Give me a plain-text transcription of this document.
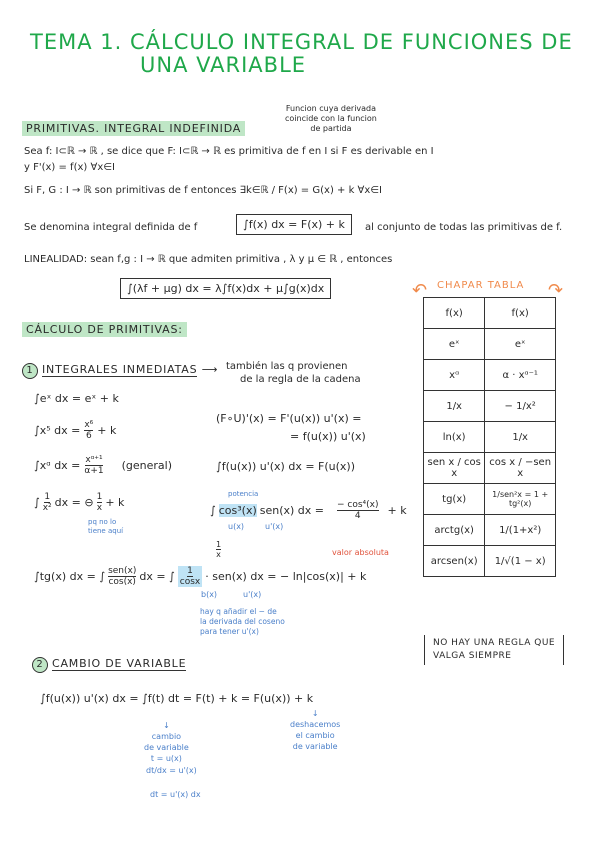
TEMA 1. CÁLCULO INTEGRAL DE FUNCIONES DE
UNA VARIABLE
Funcion cuya derivada
coincide con la funcion
de partida
PRIMITIVAS. INTEGRAL INDEFINIDA
Sea f: I⊂ℝ → ℝ , se dice que F: I⊂ℝ → ℝ es primitiva de f en I si F es derivable en I
y F'(x) = f(x) ∀x∈I
Si F, G : I → ℝ son primitivas de f entonces ∃k∈ℝ / F(x) = G(x) + k ∀x∈I
Se denomina integral definida de f	∫f(x) dx = F(x) + k	al conjunto de todas las primitivas de f.
LINEALIDAD: sean f,g : I → ℝ que admiten primitiva , λ y μ ∈ ℝ , entonces
∫(λf + μg) dx = λ∫f(x)dx + μ∫g(x)dx	↶ CHAPAR TABLA ↷
f(x)	f(x)
eˣ	eˣ
xᵅ	α · xᵅ⁻¹
1/x	− 1/x²
ln(x)	1/x
sen x / cos x	cos x / −sen x
tg(x)	1/sen²x = 1 + tg²(x)
arctg(x)	1/(1+x²)
arcsen(x)	1/√(1 − x)
CÁLCULO DE PRIMITIVAS:
1 INTEGRALES INMEDIATAS ⟶ también las q provienen
de la regla de la cadena
∫eˣ dx = eˣ + k
∫x⁵ dx = $\frac{\text{x⁶}}{6} + k$
∫xᵅ dx = $\frac{\text{xᵅ⁺¹}}{\alpha+1}$ (general)
∫ $\frac{1}{\text{x²}}$ dx = ⊖ $\frac{1}{x} + k$
pq no lo
tiene aquí
(F∘U)'(x) = F'(u(x)) u'(x) =
= f(u(x)) u'(x)
∫f(u(x)) u'(x) dx = F(u(x))
potencia
∫ cos³(x) sen(x) dx = $\frac{\text{− cos⁴(x)}}{4} + k$
u(x)	u'(x)
valor absoluta
$\frac{1}{x}$
∫tg(x) dx = ∫ sen(x)
cos(x) dx = ∫ $\frac{1}{\cos x} \cdot sen(x)$ dx = − ln|cos(x)| + k
b(x)	u'(x)
hay q añadir el − de
la derivada del coseno
para tener u'(x)
NO HAY UNA REGLA QUE
VALGA SIEMPRE
2 CAMBIO DE VARIABLE
∫f(u(x)) u'(x) dx = ∫f(t) dt = F(t) + k = F(u(x)) + k
↓
cambio
de variable
t = u(x)
↓
deshacemos
el cambio
de variable
dt/dx = u'(x)
dt = u'(x) dx
